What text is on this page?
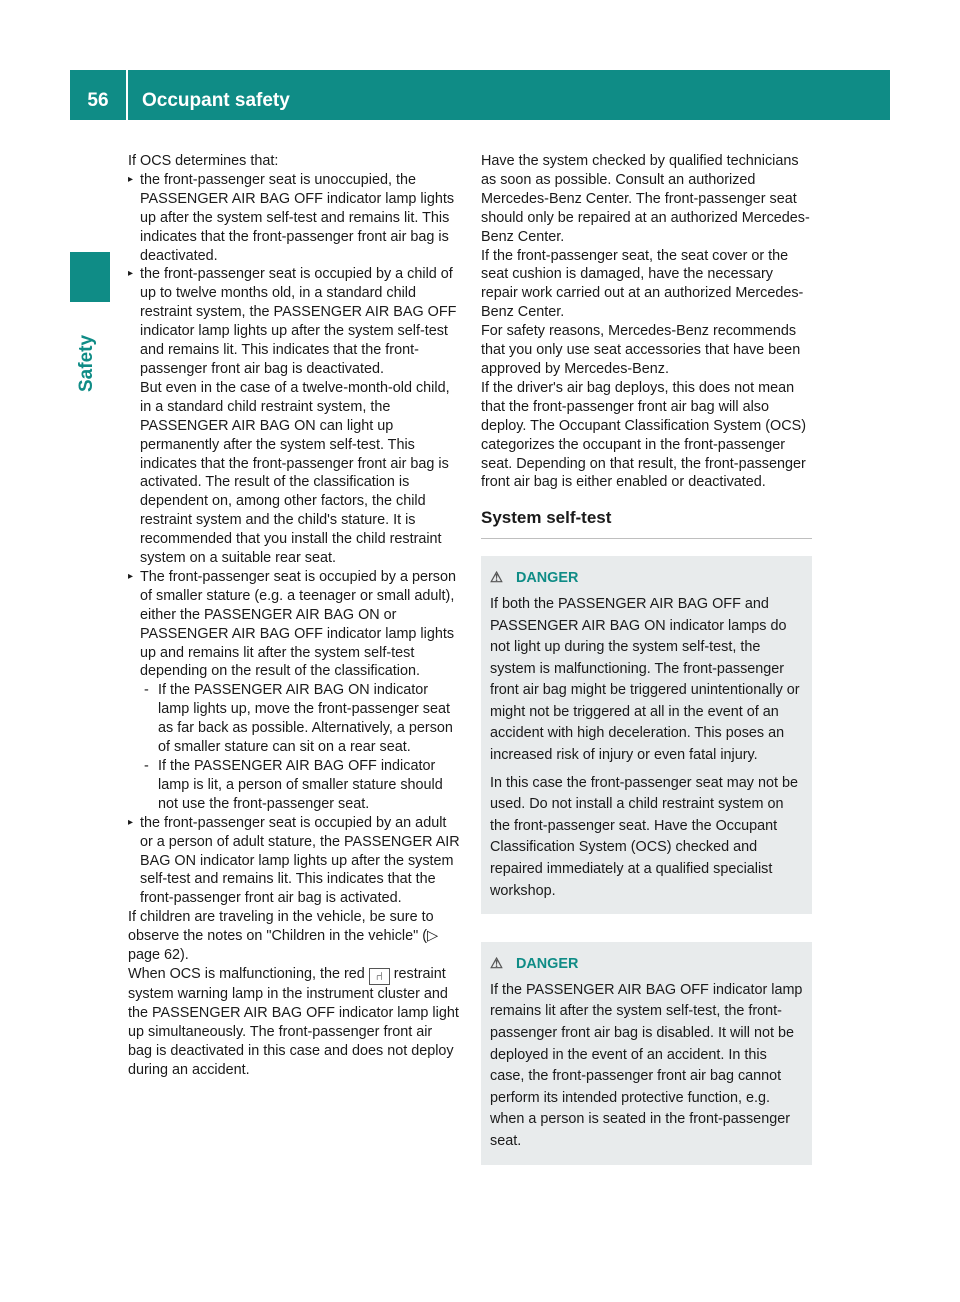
56	Occupant safety
Safety

If OCS determines that:

▸ the front-passenger seat is unoccupied, the PASSENGER AIR BAG OFF indicator lamp lights up after the system self-test and remains lit. This indicates that the front-passenger front air bag is deactivated.
▸ the front-passenger seat is occupied by a child of up to twelve months old, in a standard child restraint system, the PASSENGER AIR BAG OFF indicator lamp lights up after the system self-test and remains lit. This indicates that the front-passenger front air bag is deactivated.

But even in the case of a twelve-month-old child, in a standard child restraint system, the PASSENGER AIR BAG ON can light up permanently after the system self-test. This indicates that the front-passenger front air bag is activated. The result of the classification is dependent on, among other factors, the child restraint system and the child's stature. It is recommended that you install the child restraint system on a suitable rear seat.

▸ The front-passenger seat is occupied by a person of smaller stature (e.g. a teenager or small adult), either the PASSENGER AIR BAG ON or PASSENGER AIR BAG OFF indicator lamp lights up and remains lit after the system self-test depending on the result of the classification.
- If the PASSENGER AIR BAG ON indicator lamp lights up, move the front-passenger seat as far back as possible. Alternatively, a person of smaller stature can sit on a rear seat.
- If the PASSENGER AIR BAG OFF indicator lamp is lit, a person of smaller stature should not use the front-passenger seat.
▸ the front-passenger seat is occupied by an adult or a person of adult stature, the PASSENGER AIR BAG ON indicator lamp lights up after the system self-test and remains lit. This indicates that the front-passenger front air bag is activated.

If children are traveling in the vehicle, be sure to observe the notes on "Children in the vehicle" (▷ page 62).

When OCS is malfunctioning, the red ⑁ restraint system warning lamp in the instrument cluster and the PASSENGER AIR BAG OFF indicator lamp light up simultaneously. The front-passenger front air bag is deactivated in this case and does not deploy during an accident.

Have the system checked by qualified technicians as soon as possible. Consult an authorized Mercedes-Benz Center. The front-passenger seat should only be repaired at an authorized Mercedes-Benz Center.

If the front-passenger seat, the seat cover or the seat cushion is damaged, have the necessary repair work carried out at an authorized Mercedes-Benz Center.

For safety reasons, Mercedes-Benz recommends that you only use seat accessories that have been approved by Mercedes-Benz.

If the driver's air bag deploys, this does not mean that the front-passenger front air bag will also deploy. The Occupant Classification System (OCS) categorizes the occupant in the front-passenger seat. Depending on that result, the front-passenger front air bag is either enabled or deactivated.

System self-test
⚠ DANGER

If both the PASSENGER AIR BAG OFF and PASSENGER AIR BAG ON indicator lamps do not light up during the system self-test, the system is malfunctioning. The front-passenger front air bag might be triggered unintentionally or might not be triggered at all in the event of an accident with high deceleration. This poses an increased risk of injury or even fatal injury.

In this case the front-passenger seat may not be used. Do not install a child restraint system on the front-passenger seat. Have the Occupant Classification System (OCS) checked and repaired immediately at a qualified specialist workshop.

⚠ DANGER

If the PASSENGER AIR BAG OFF indicator lamp remains lit after the system self-test, the front-passenger front air bag is disabled. It will not be deployed in the event of an accident. In this case, the front-passenger front air bag cannot perform its intended protective function, e.g. when a person is seated in the front-passenger seat.
